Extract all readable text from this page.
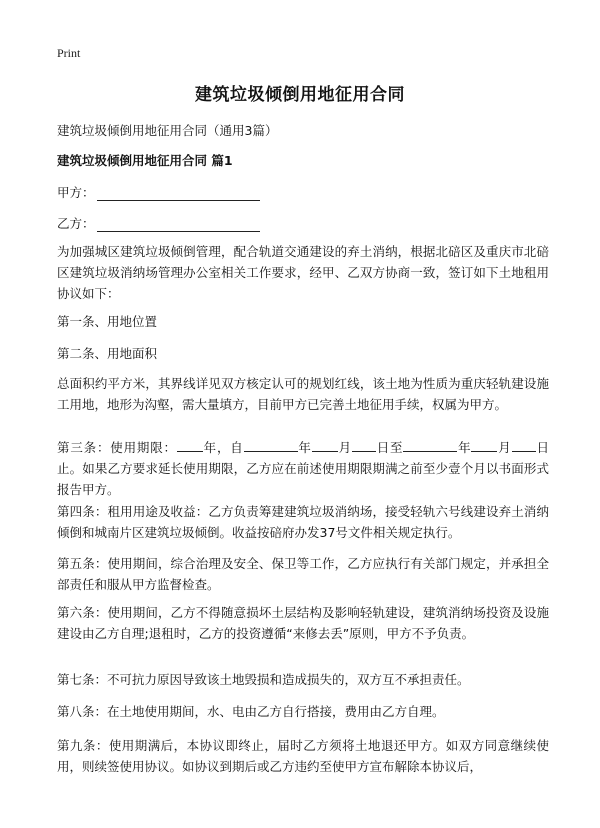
Print
建筑垃圾倾倒用地征用合同
建筑垃圾倾倒用地征用合同（通用3篇）
建筑垃圾倾倒用地征用合同 篇1
甲方：
乙方：

为加强城区建筑垃圾倾倒管理，配合轨道交通建设的弃土消纳，根据北碚区及重庆市北碚区建筑垃圾消纳场管理办公室相关工作要求，经甲、乙双方协商一致，签订如下土地租用协议如下：

第一条、用地位置

第二条、用地面积

总面积约平方米，其界线详见双方核定认可的规划红线，该土地为性质为重庆轻轨建设施工用地，地形为沟壑，需大量填方，目前甲方已完善土地征用手续，权属为甲方。

第三条：使用期限： 年，自	年 月 日至	年 月 日止。如果乙方要求延长使用期限，乙方应在前述使用期限期满之前至少壹个月以书面形式报告甲方。

第四条：租用用途及收益：乙方负责筹建建筑垃圾消纳场，接受轻轨六号线建设弃土消纳倾倒和城南片区建筑垃圾倾倒。收益按碚府办发37号文件相关规定执行。

第五条：使用期间，综合治理及安全、保卫等工作，乙方应执行有关部门规定，并承担全部责任和服从甲方监督检查。

第六条：使用期间，乙方不得随意损坏土层结构及影响轻轨建设，建筑消纳场投资及设施建设由乙方自理;退租时，乙方的投资遵循“来修去丢”原则，甲方不予负责。

第七条：不可抗力原因导致该土地毁损和造成损失的，双方互不承担责任。

第八条：在土地使用期间，水、电由乙方自行搭接，费用由乙方自理。

第九条：使用期满后，本协议即终止，届时乙方须将土地退还甲方。如双方同意继续使用，则续签使用协议。如协议到期后或乙方违约至使甲方宣布解除本协议后，
